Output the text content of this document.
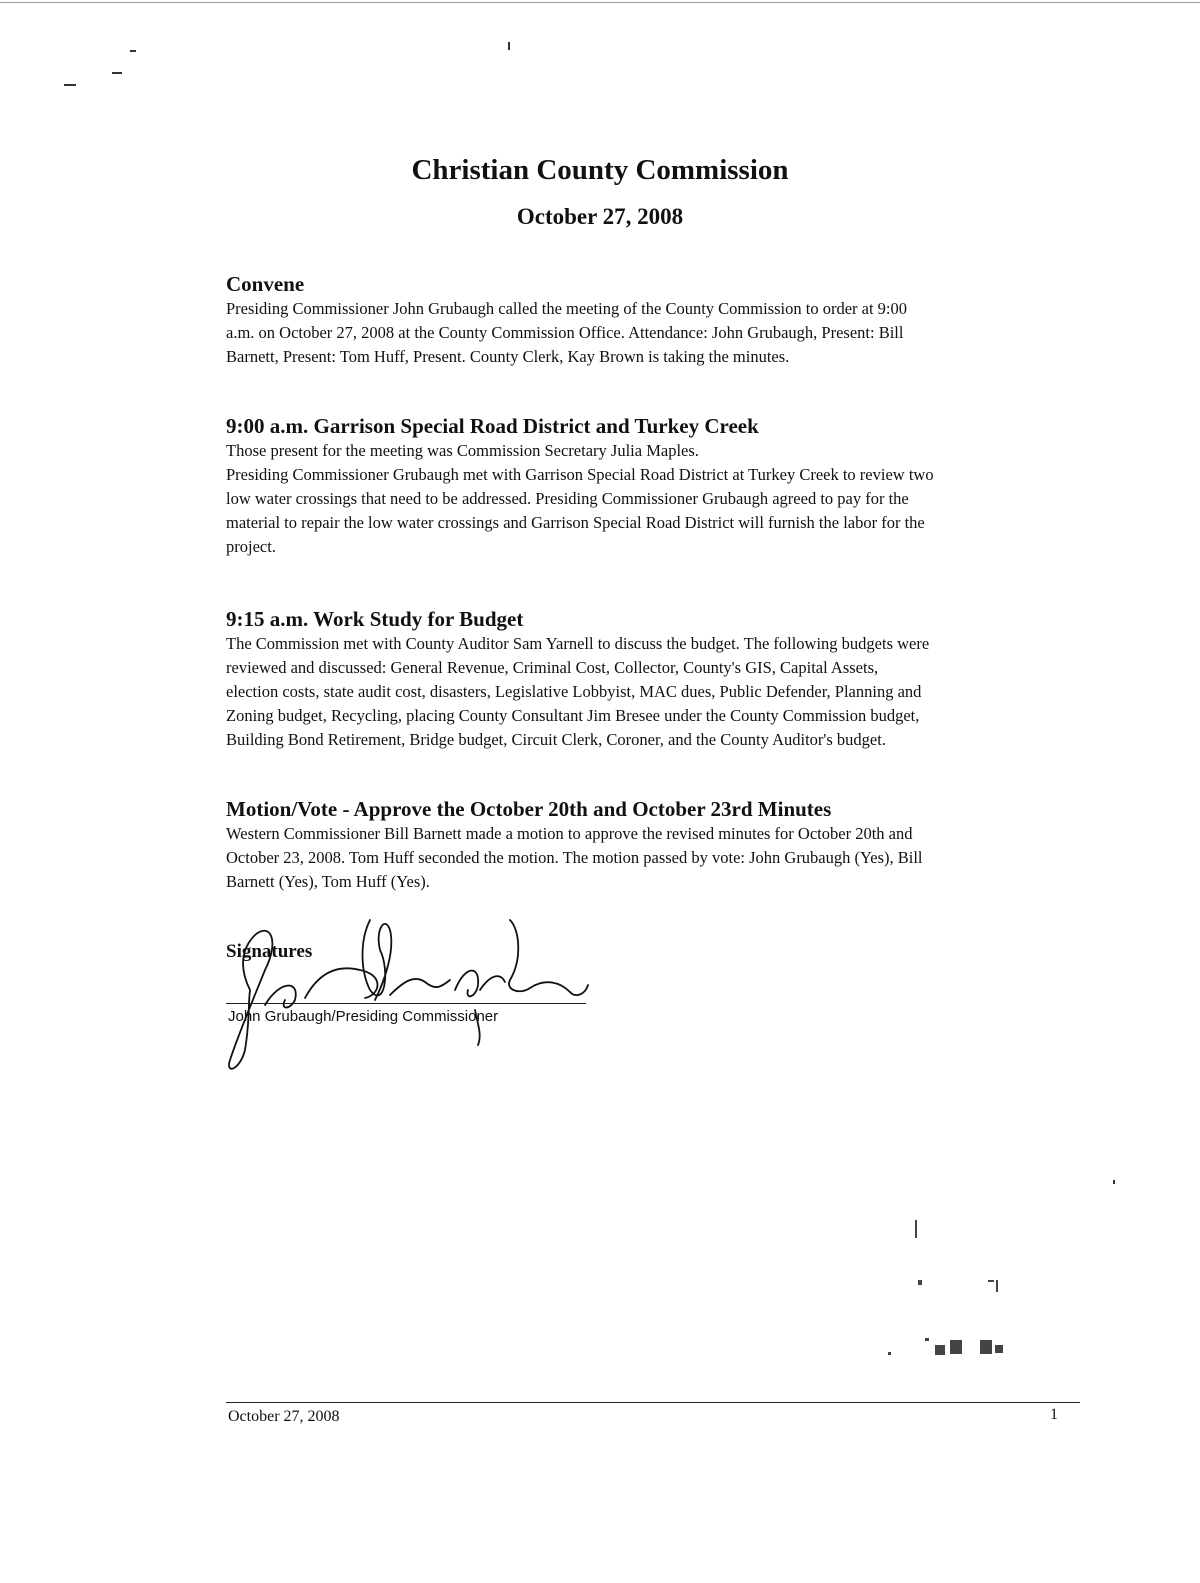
Christian County Commission
October 27, 2008
Convene

Presiding Commissioner John Grubaugh called the meeting of the County Commission to order at 9:00
a.m. on October 27, 2008 at the County Commission Office. Attendance: John Grubaugh, Present: Bill
Barnett, Present: Tom Huff, Present. County Clerk, Kay Brown is taking the minutes.

9:00 a.m. Garrison Special Road District and Turkey Creek

Those present for the meeting was Commission Secretary Julia Maples.
Presiding Commissioner Grubaugh met with Garrison Special Road District at Turkey Creek to review two
low water crossings that need to be addressed. Presiding Commissioner Grubaugh agreed to pay for the
material to repair the low water crossings and Garrison Special Road District will furnish the labor for the
project.

9:15 a.m. Work Study for Budget

The Commission met with County Auditor Sam Yarnell to discuss the budget. The following budgets were
reviewed and discussed: General Revenue, Criminal Cost, Collector, County's GIS, Capital Assets,
election costs, state audit cost, disasters, Legislative Lobbyist, MAC dues, Public Defender, Planning and
Zoning budget, Recycling, placing County Consultant Jim Bresee under the County Commission budget,
Building Bond Retirement, Bridge budget, Circuit Clerk, Coroner, and the County Auditor's budget.

Motion/Vote - Approve the October 20th and October 23rd Minutes

Western Commissioner Bill Barnett made a motion to approve the revised minutes for October 20th and
October 23, 2008. Tom Huff seconded the motion. The motion passed by vote: John Grubaugh (Yes), Bill
Barnett (Yes), Tom Huff (Yes).

Signatures
John Grubaugh/Presiding Commissioner
October 27, 2008	1
